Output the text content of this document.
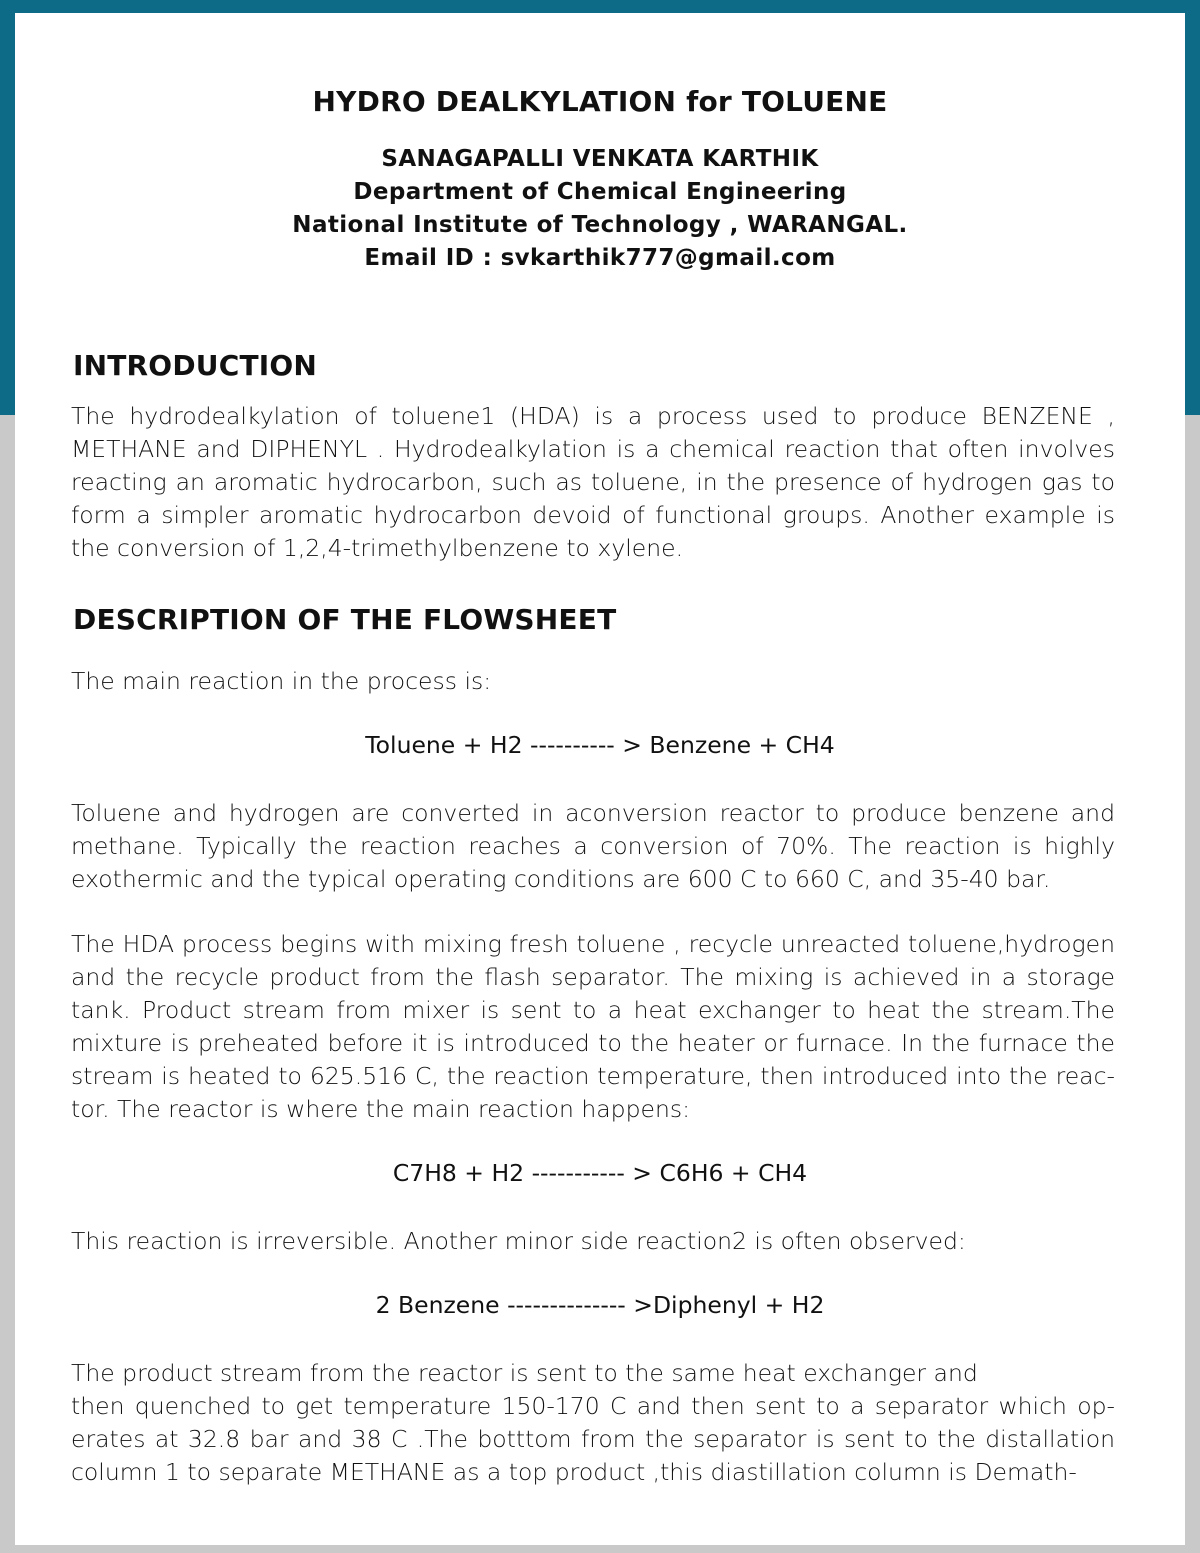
HYDRO DEALKYLATION for TOLUENE

SANAGAPALLI VENKATA KARTHIK

Department of Chemical Engineering

National Institute of Technology , WARANGAL.

Email ID : svkarthik777@gmail.com

INTRODUCTION

The hydrodealkylation of toluene1 (HDA) is a process used to produce BENZENE , METHANE and DIPHENYL . Hydrodealkylation is a chemical reaction that often involves reacting an aromatic hydrocarbon, such as toluene, in the presence of hydrogen gas to form a simpler aromatic hydrocarbon devoid of functional groups. Another example is the conversion of 1,2,4-trimethylbenzene to xylene.

DESCRIPTION OF THE FLOWSHEET

The main reaction in the process is:

Toluene + H2 ---------- > Benzene + CH4

Toluene and hydrogen are converted in aconversion reactor to produce benzene and methane. Typically the reaction reaches a conversion of 70%. The reaction is highly exothermic and the typical operating conditions are 600 C to 660 C, and 35-40 bar.

The HDA process begins with mixing fresh toluene , recycle unreacted toluene,hydrogen and the recycle product from the flash separator. The mixing is achieved in a storage tank. Product stream from mixer is sent to a heat exchanger to heat the stream.The mixture is preheated before it is introduced to the heater or furnace. In the furnace the stream is heated to 625.516 C, the reaction temperature, then introduced into the reac-tor. The reactor is where the main reaction happens:

C7H8 + H2 ----------- > C6H6 + CH4

This reaction is irreversible. Another minor side reaction2 is often observed:

2 Benzene -------------- >Diphenyl + H2

The product stream from the reactor is sent to the same heat exchanger and

then quenched to get temperature 150-170 C and then sent to a separator which op-erates at 32.8 bar and 38 C .The botttom from the separator is sent to the distallation column 1 to separate METHANE as a top product ,this diastillation column is Demath-
